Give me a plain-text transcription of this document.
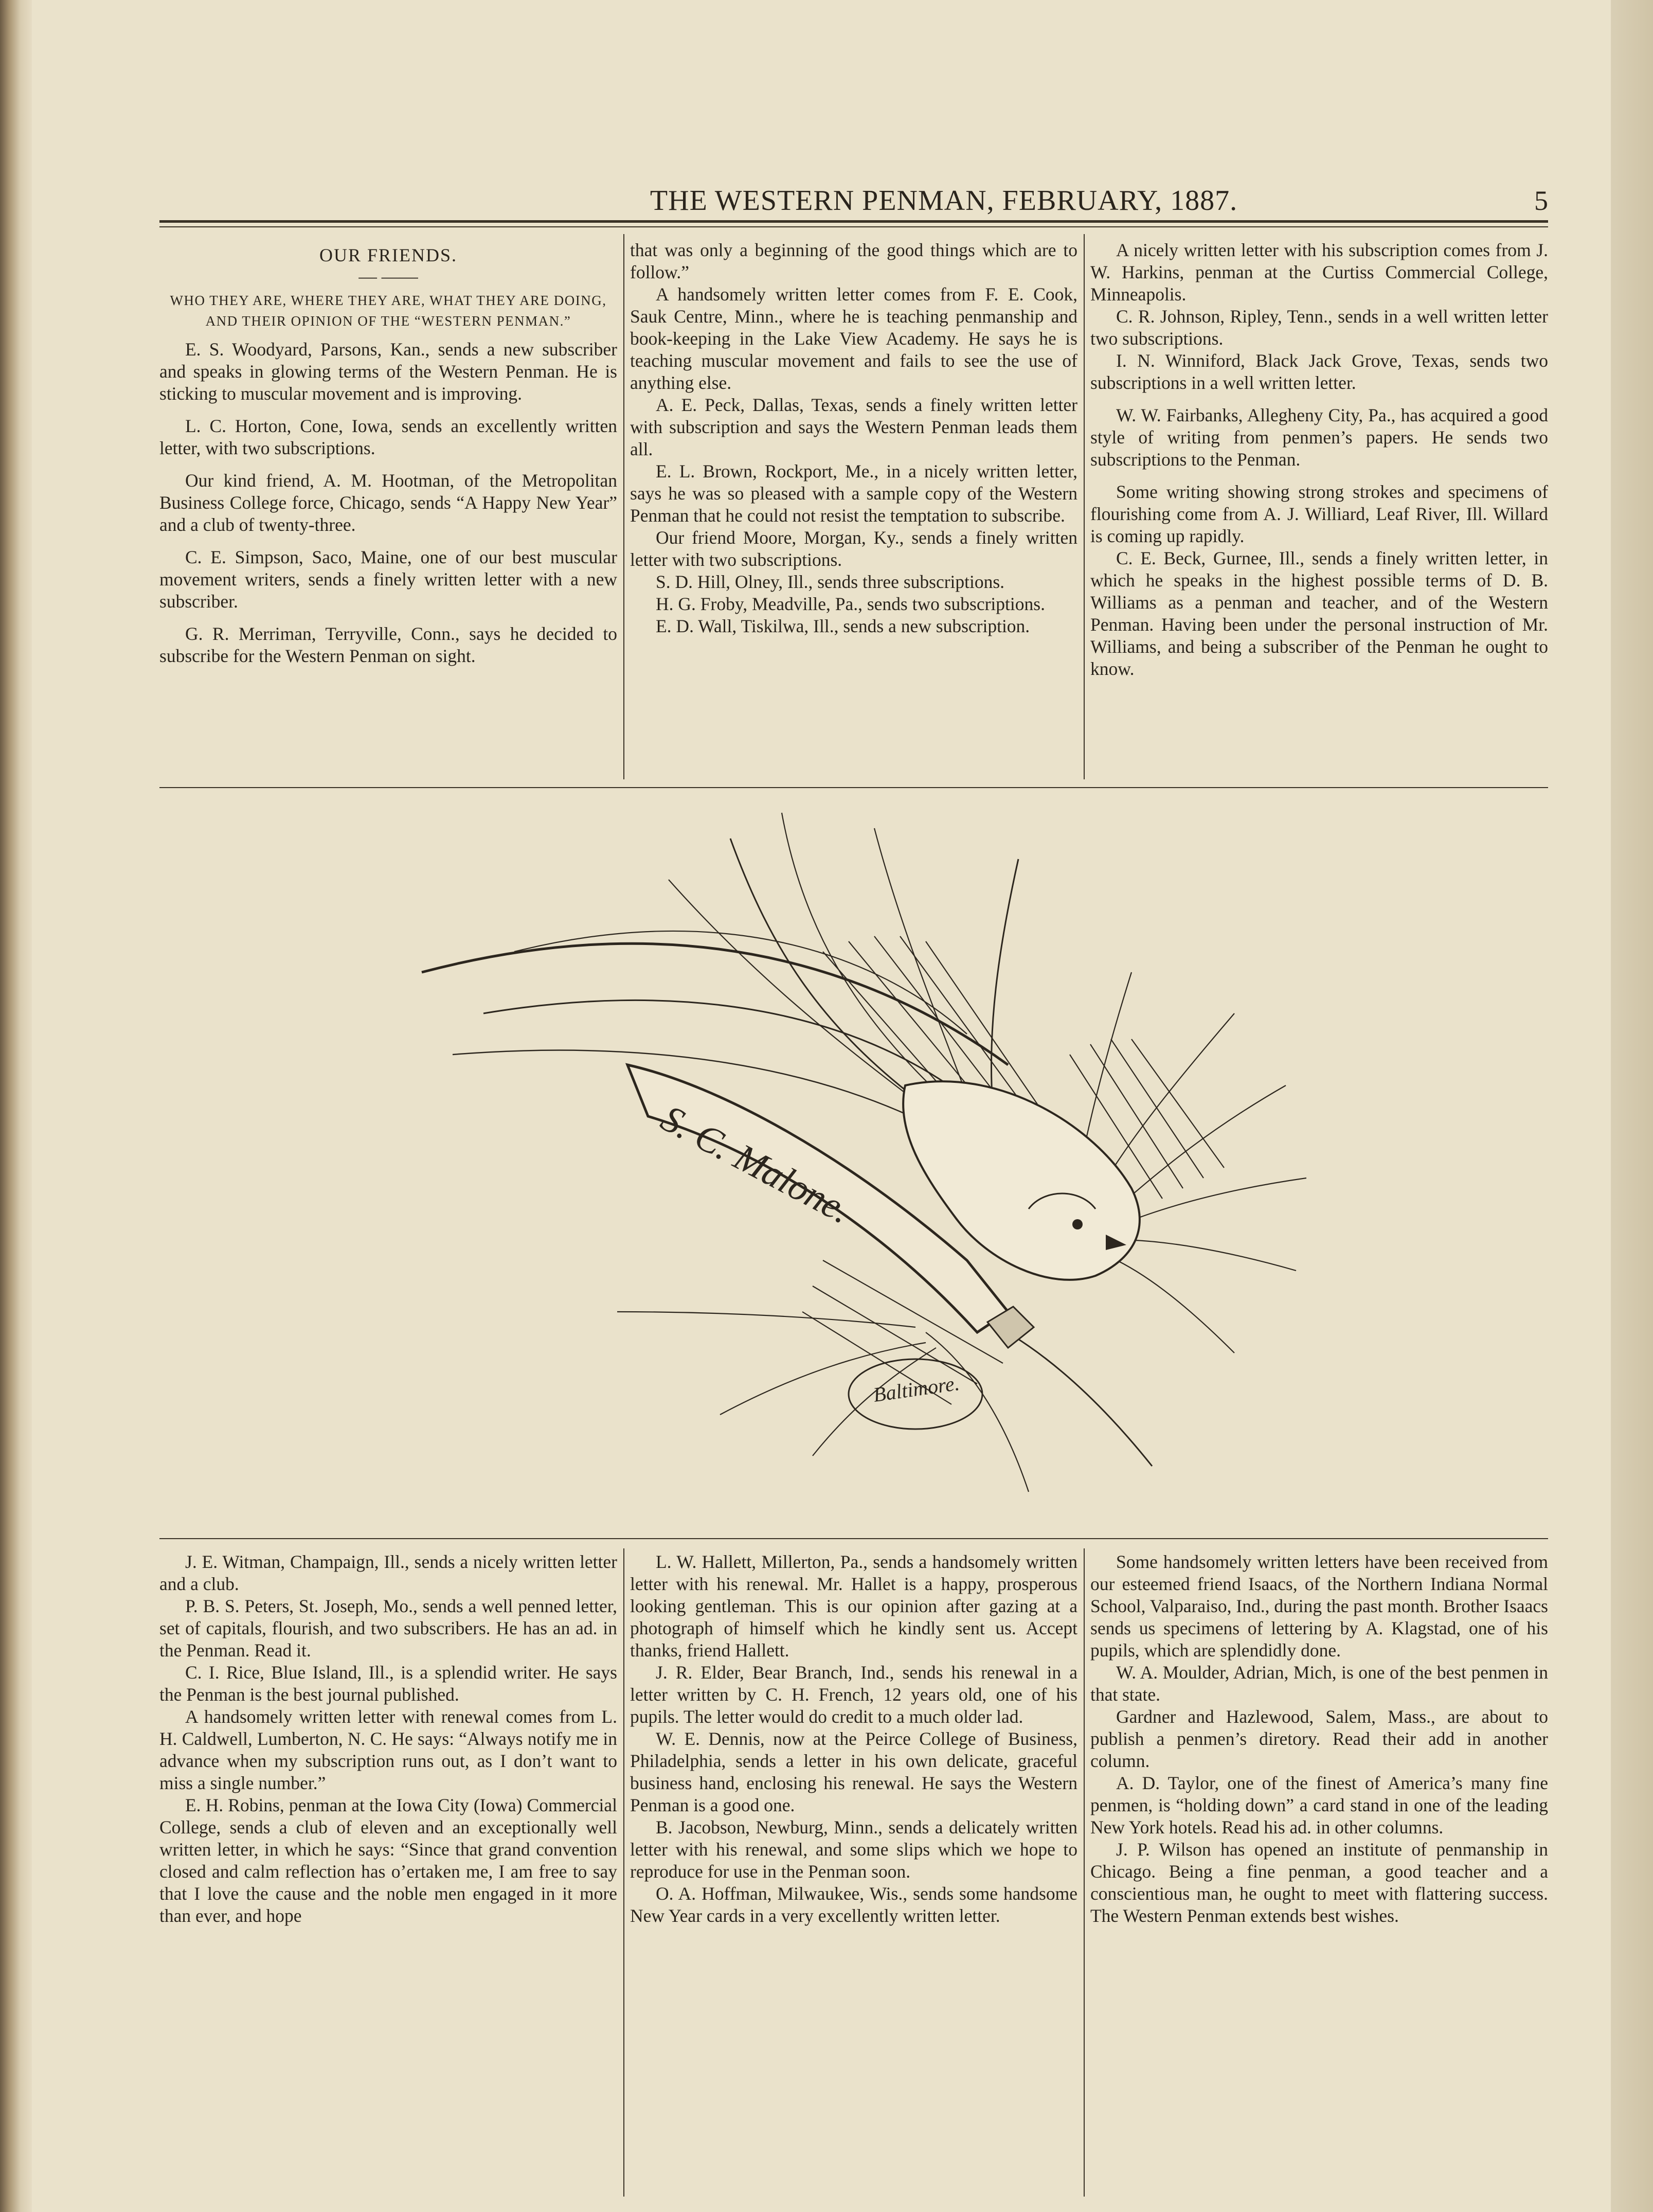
THE WESTERN PENMAN, FEBRUARY, 1887.	5

OUR FRIENDS.

— ——

WHO THEY ARE, WHERE THEY ARE, WHAT THEY ARE DOING, AND THEIR OPINION OF THE “WESTERN PENMAN.”

E. S. Woodyard, Parsons, Kan., sends a new subscriber and speaks in glowing terms of the Western Penman. He is sticking to muscular movement and is improving.

L. C. Horton, Cone, Iowa, sends an excellently written letter, with two subscriptions.

Our kind friend, A. M. Hootman, of the Metropolitan Business College force, Chicago, sends “A Happy New Year” and a club of twenty-three.

C. E. Simpson, Saco, Maine, one of our best muscular movement writers, sends a finely written letter with a new subscriber.

G. R. Merriman, Terryville, Conn., says he decided to subscribe for the Western Penman on sight.

that was only a beginning of the good things which are to follow.”

A handsomely written letter comes from F. E. Cook, Sauk Centre, Minn., where he is teaching penmanship and book-keeping in the Lake View Academy. He says he is teaching muscular movement and fails to see the use of anything else.

A. E. Peck, Dallas, Texas, sends a finely written letter with subscription and says the Western Penman leads them all.

E. L. Brown, Rockport, Me., in a nicely written letter, says he was so pleased with a sample copy of the Western Penman that he could not resist the temptation to subscribe.

Our friend Moore, Morgan, Ky., sends a finely written letter with two subscriptions.

S. D. Hill, Olney, Ill., sends three subscriptions.

H. G. Froby, Meadville, Pa., sends two subscriptions.

E. D. Wall, Tiskilwa, Ill., sends a new subscription.

A nicely written letter with his subscription comes from J. W. Harkins, penman at the Curtiss Commercial College, Minneapolis.

C. R. Johnson, Ripley, Tenn., sends in a well written letter two subscriptions.

I. N. Winniford, Black Jack Grove, Texas, sends two subscriptions in a well written letter.

W. W. Fairbanks, Allegheny City, Pa., has acquired a good style of writing from penmen’s papers. He sends two subscriptions to the Penman.

Some writing showing strong strokes and specimens of flourishing come from A. J. Williard, Leaf River, Ill. Willard is coming up rapidly.

C. E. Beck, Gurnee, Ill., sends a finely written letter, in which he speaks in the highest possible terms of D. B. Williams as a penman and teacher, and of the Western Penman. Having been under the personal instruction of Mr. Williams, and being a subscriber of the Penman he ought to know.

S. C. Malone.
Baltimore.

J. E. Witman, Champaign, Ill., sends a nicely written letter and a club.

P. B. S. Peters, St. Joseph, Mo., sends a well penned letter, set of capitals, flourish, and two subscribers. He has an ad. in the Penman. Read it.

C. I. Rice, Blue Island, Ill., is a splendid writer. He says the Penman is the best journal published.

A handsomely written letter with renewal comes from L. H. Caldwell, Lumberton, N. C. He says: “Always notify me in advance when my subscription runs out, as I don’t want to miss a single number.”

E. H. Robins, penman at the Iowa City (Iowa) Commercial College, sends a club of eleven and an exceptionally well written letter, in which he says: “Since that grand convention closed and calm reflection has o’ertaken me, I am free to say that I love the cause and the noble men engaged in it more than ever, and hope

L. W. Hallett, Millerton, Pa., sends a handsomely written letter with his renewal. Mr. Hallet is a happy, prosperous looking gentleman. This is our opinion after gazing at a photograph of himself which he kindly sent us. Accept thanks, friend Hallett.

J. R. Elder, Bear Branch, Ind., sends his renewal in a letter written by C. H. French, 12 years old, one of his pupils. The letter would do credit to a much older lad.

W. E. Dennis, now at the Peirce College of Business, Philadelphia, sends a letter in his own delicate, graceful business hand, enclosing his renewal. He says the Western Penman is a good one.

B. Jacobson, Newburg, Minn., sends a delicately written letter with his renewal, and some slips which we hope to reproduce for use in the Penman soon.

O. A. Hoffman, Milwaukee, Wis., sends some handsome New Year cards in a very excellently written letter.

Some handsomely written letters have been received from our esteemed friend Isaacs, of the Northern Indiana Normal School, Valparaiso, Ind., during the past month. Brother Isaacs sends us specimens of lettering by A. Klagstad, one of his pupils, which are splendidly done.

W. A. Moulder, Adrian, Mich, is one of the best penmen in that state.

Gardner and Hazlewood, Salem, Mass., are about to publish a penmen’s diretory. Read their add in another column.

A. D. Taylor, one of the finest of America’s many fine penmen, is “holding down” a card stand in one of the leading New York hotels. Read his ad. in other columns.

J. P. Wilson has opened an institute of penmanship in Chicago. Being a fine penman, a good teacher and a conscientious man, he ought to meet with flattering success. The Western Penman extends best wishes.
